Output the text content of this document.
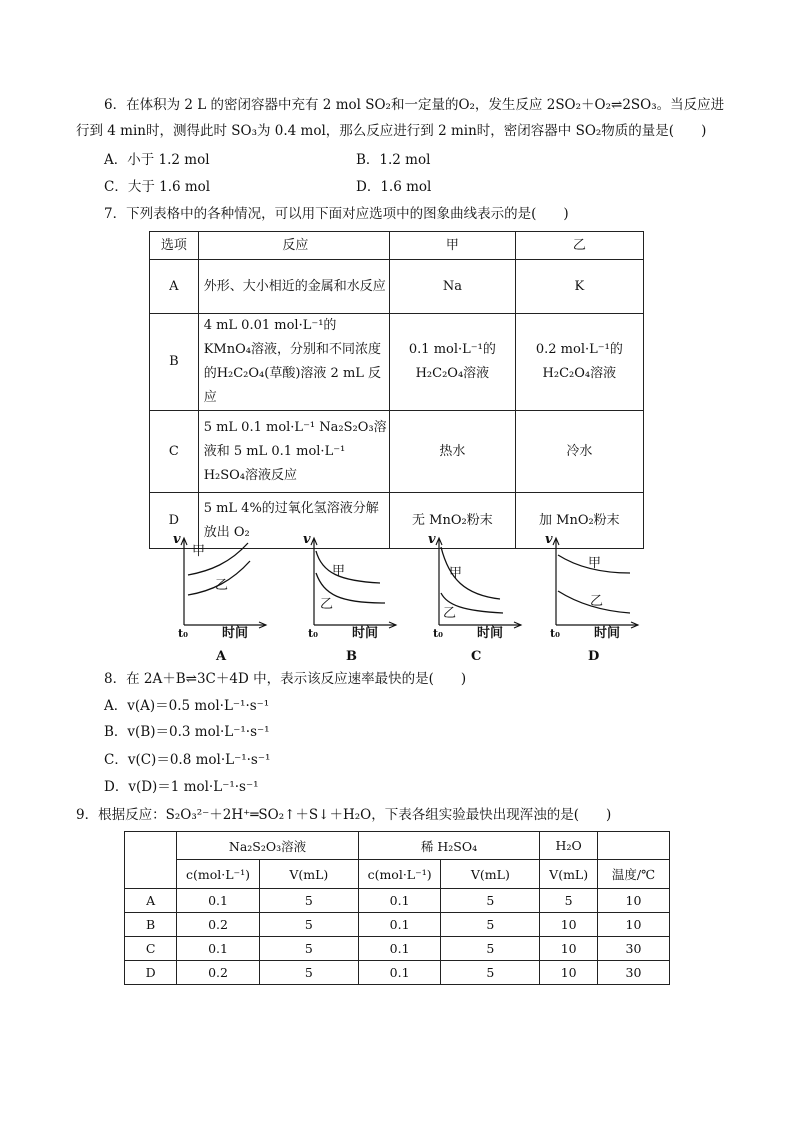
6．在体积为 2 L 的密闭容器中充有 2 mol SO₂和一定量的O₂，发生反应 2SO₂＋O₂⇌2SO₃。当反应进
行到 4 min时，测得此时 SO₃为 0.4 mol，那么反应进行到 2 min时，密闭容器中 SO₂物质的量是(　　)
A．小于 1.2 mol	B．1.2 mol
C．大于 1.6 mol	D．1.6 mol
7．下列表格中的各种情况，可以用下面对应选项中的图象曲线表示的是(　　)
选项	反应	甲	乙
A	外形、大小相近的金属和水反应	Na	K
B	4 mL 0.01 mol·L⁻¹的 KMnO₄溶液，分别和不同浓度的H₂C₂O₄(草酸)溶液 2 mL 反应	0.1 mol·L⁻¹的 H₂C₂O₄溶液	0.2 mol·L⁻¹的 H₂C₂O₄溶液
C	5 mL 0.1 mol·L⁻¹ Na₂S₂O₃溶液和 5 mL 0.1 mol·L⁻¹ H₂SO₄溶液反应	热水	冷水
D	5 mL 4%的过氧化氢溶液分解放出 O₂	无 MnO₂粉末	加 MnO₂粉末
v
t₀	时间
甲
乙
A
v
t₀	时间
甲
乙
B
v
t₀	时间
甲
乙
C
v
t₀	时间
甲
乙
D
8．在 2A＋B⇌3C＋4D 中，表示该反应速率最快的是(　　)
A．v(A)＝0.5 mol·L⁻¹·s⁻¹
B．v(B)＝0.3 mol·L⁻¹·s⁻¹
C．v(C)＝0.8 mol·L⁻¹·s⁻¹
D．v(D)＝1 mol·L⁻¹·s⁻¹
9．根据反应：S₂O₃²⁻＋2H⁺═SO₂↑＋S↓＋H₂O，下表各组实验最快出现浑浊的是(　　)
	Na₂S₂O₃溶液		稀 H₂SO₄		H₂O	
	c(mol·L⁻¹)	V(mL)	c(mol·L⁻¹)	V(mL)	V(mL)	温度/℃
A	0.1	5	0.1	5	5	10
B	0.2	5	0.1	5	10	10
C	0.1	5	0.1	5	10	30
D	0.2	5	0.1	5	10	30
